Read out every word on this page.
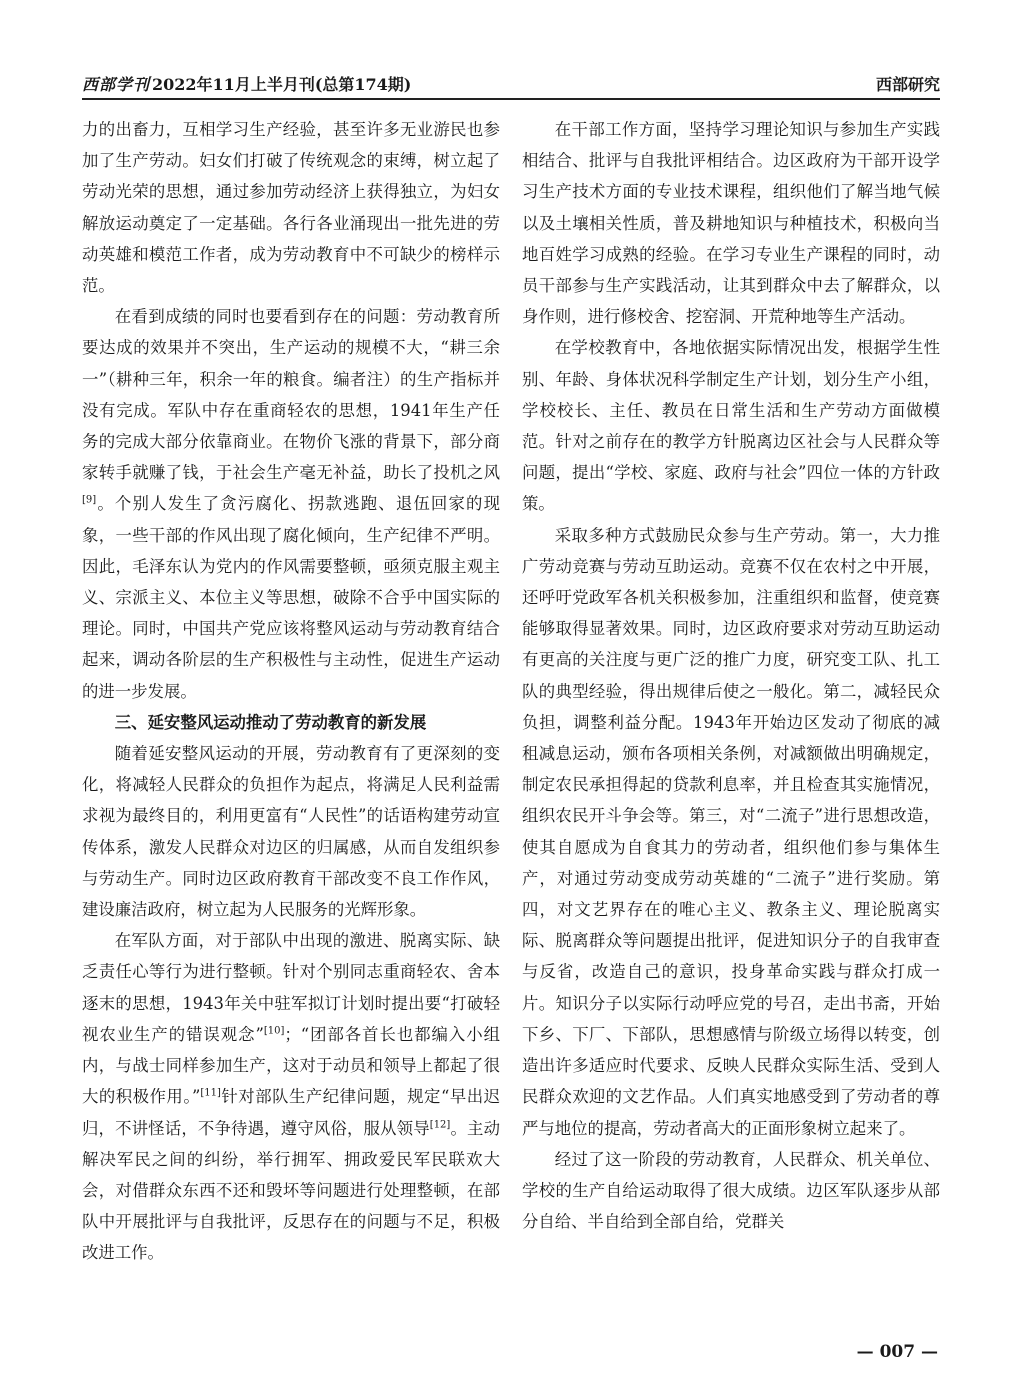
西部学刊 2022年11月上半月刊(总第174期)	西部研究

力的出畜力，互相学习生产经验，甚至许多无业游民也参加了生产劳动。妇女们打破了传统观念的束缚，树立起了劳动光荣的思想，通过参加劳动经济上获得独立，为妇女解放运动奠定了一定基础。各行各业涌现出一批先进的劳动英雄和模范工作者，成为劳动教育中不可缺少的榜样示范。

在看到成绩的同时也要看到存在的问题：劳动教育所要达成的效果并不突出，生产运动的规模不大，“耕三余一”（耕种三年，积余一年的粮食。编者注）的生产指标并没有完成。军队中存在重商轻农的思想，1941年生产任务的完成大部分依靠商业。在物价飞涨的背景下，部分商家转手就赚了钱，于社会生产毫无补益，助长了投机之风[9]。个别人发生了贪污腐化、拐款逃跑、退伍回家的现象，一些干部的作风出现了腐化倾向，生产纪律不严明。因此，毛泽东认为党内的作风需要整顿，亟须克服主观主义、宗派主义、本位主义等思想，破除不合乎中国实际的理论。同时，中国共产党应该将整风运动与劳动教育结合起来，调动各阶层的生产积极性与主动性，促进生产运动的进一步发展。

三、延安整风运动推动了劳动教育的新发展

随着延安整风运动的开展，劳动教育有了更深刻的变化，将减轻人民群众的负担作为起点，将满足人民利益需求视为最终目的，利用更富有“人民性”的话语构建劳动宣传体系，激发人民群众对边区的归属感，从而自发组织参与劳动生产。同时边区政府教育干部改变不良工作作风，建设廉洁政府，树立起为人民服务的光辉形象。

在军队方面，对于部队中出现的激进、脱离实际、缺乏责任心等行为进行整顿。针对个别同志重商轻农、舍本逐末的思想，1943年关中驻军拟订计划时提出要“打破轻视农业生产的错误观念”[10]；“团部各首长也都编入小组内，与战士同样参加生产，这对于动员和领导上都起了很大的积极作用。”[11]针对部队生产纪律问题，规定“早出迟归，不讲怪话，不争待遇，遵守风俗，服从领导[12]。主动解决军民之间的纠纷，举行拥军、拥政爱民军民联欢大会，对借群众东西不还和毁坏等问题进行处理整顿，在部队中开展批评与自我批评，反思存在的问题与不足，积极改进工作。

在干部工作方面，坚持学习理论知识与参加生产实践相结合、批评与自我批评相结合。边区政府为干部开设学习生产技术方面的专业技术课程，组织他们了解当地气候以及土壤相关性质，普及耕地知识与种植技术，积极向当地百姓学习成熟的经验。在学习专业生产课程的同时，动员干部参与生产实践活动，让其到群众中去了解群众，以身作则，进行修校舍、挖窑洞、开荒种地等生产活动。

在学校教育中，各地依据实际情况出发，根据学生性别、年龄、身体状况科学制定生产计划，划分生产小组，学校校长、主任、教员在日常生活和生产劳动方面做模范。针对之前存在的教学方针脱离边区社会与人民群众等问题，提出“学校、家庭、政府与社会”四位一体的方针政策。

采取多种方式鼓励民众参与生产劳动。第一，大力推广劳动竞赛与劳动互助运动。竞赛不仅在农村之中开展，还呼吁党政军各机关积极参加，注重组织和监督，使竞赛能够取得显著效果。同时，边区政府要求对劳动互助运动有更高的关注度与更广泛的推广力度，研究变工队、扎工队的典型经验，得出规律后使之一般化。第二，减轻民众负担，调整利益分配。1943年开始边区发动了彻底的减租减息运动，颁布各项相关条例，对减额做出明确规定，制定农民承担得起的贷款利息率，并且检查其实施情况，组织农民开斗争会等。第三，对“二流子”进行思想改造，使其自愿成为自食其力的劳动者，组织他们参与集体生产，对通过劳动变成劳动英雄的“二流子”进行奖励。第四，对文艺界存在的唯心主义、教条主义、理论脱离实际、脱离群众等问题提出批评，促进知识分子的自我审查与反省，改造自己的意识，投身革命实践与群众打成一片。知识分子以实际行动呼应党的号召，走出书斋，开始下乡、下厂、下部队，思想感情与阶级立场得以转变，创造出许多适应时代要求、反映人民群众实际生活、受到人民群众欢迎的文艺作品。人们真实地感受到了劳动者的尊严与地位的提高，劳动者高大的正面形象树立起来了。

经过了这一阶段的劳动教育，人民群众、机关单位、学校的生产自给运动取得了很大成绩。边区军队逐步从部分自给、半自给到全部自给，党群关

— 007 —
